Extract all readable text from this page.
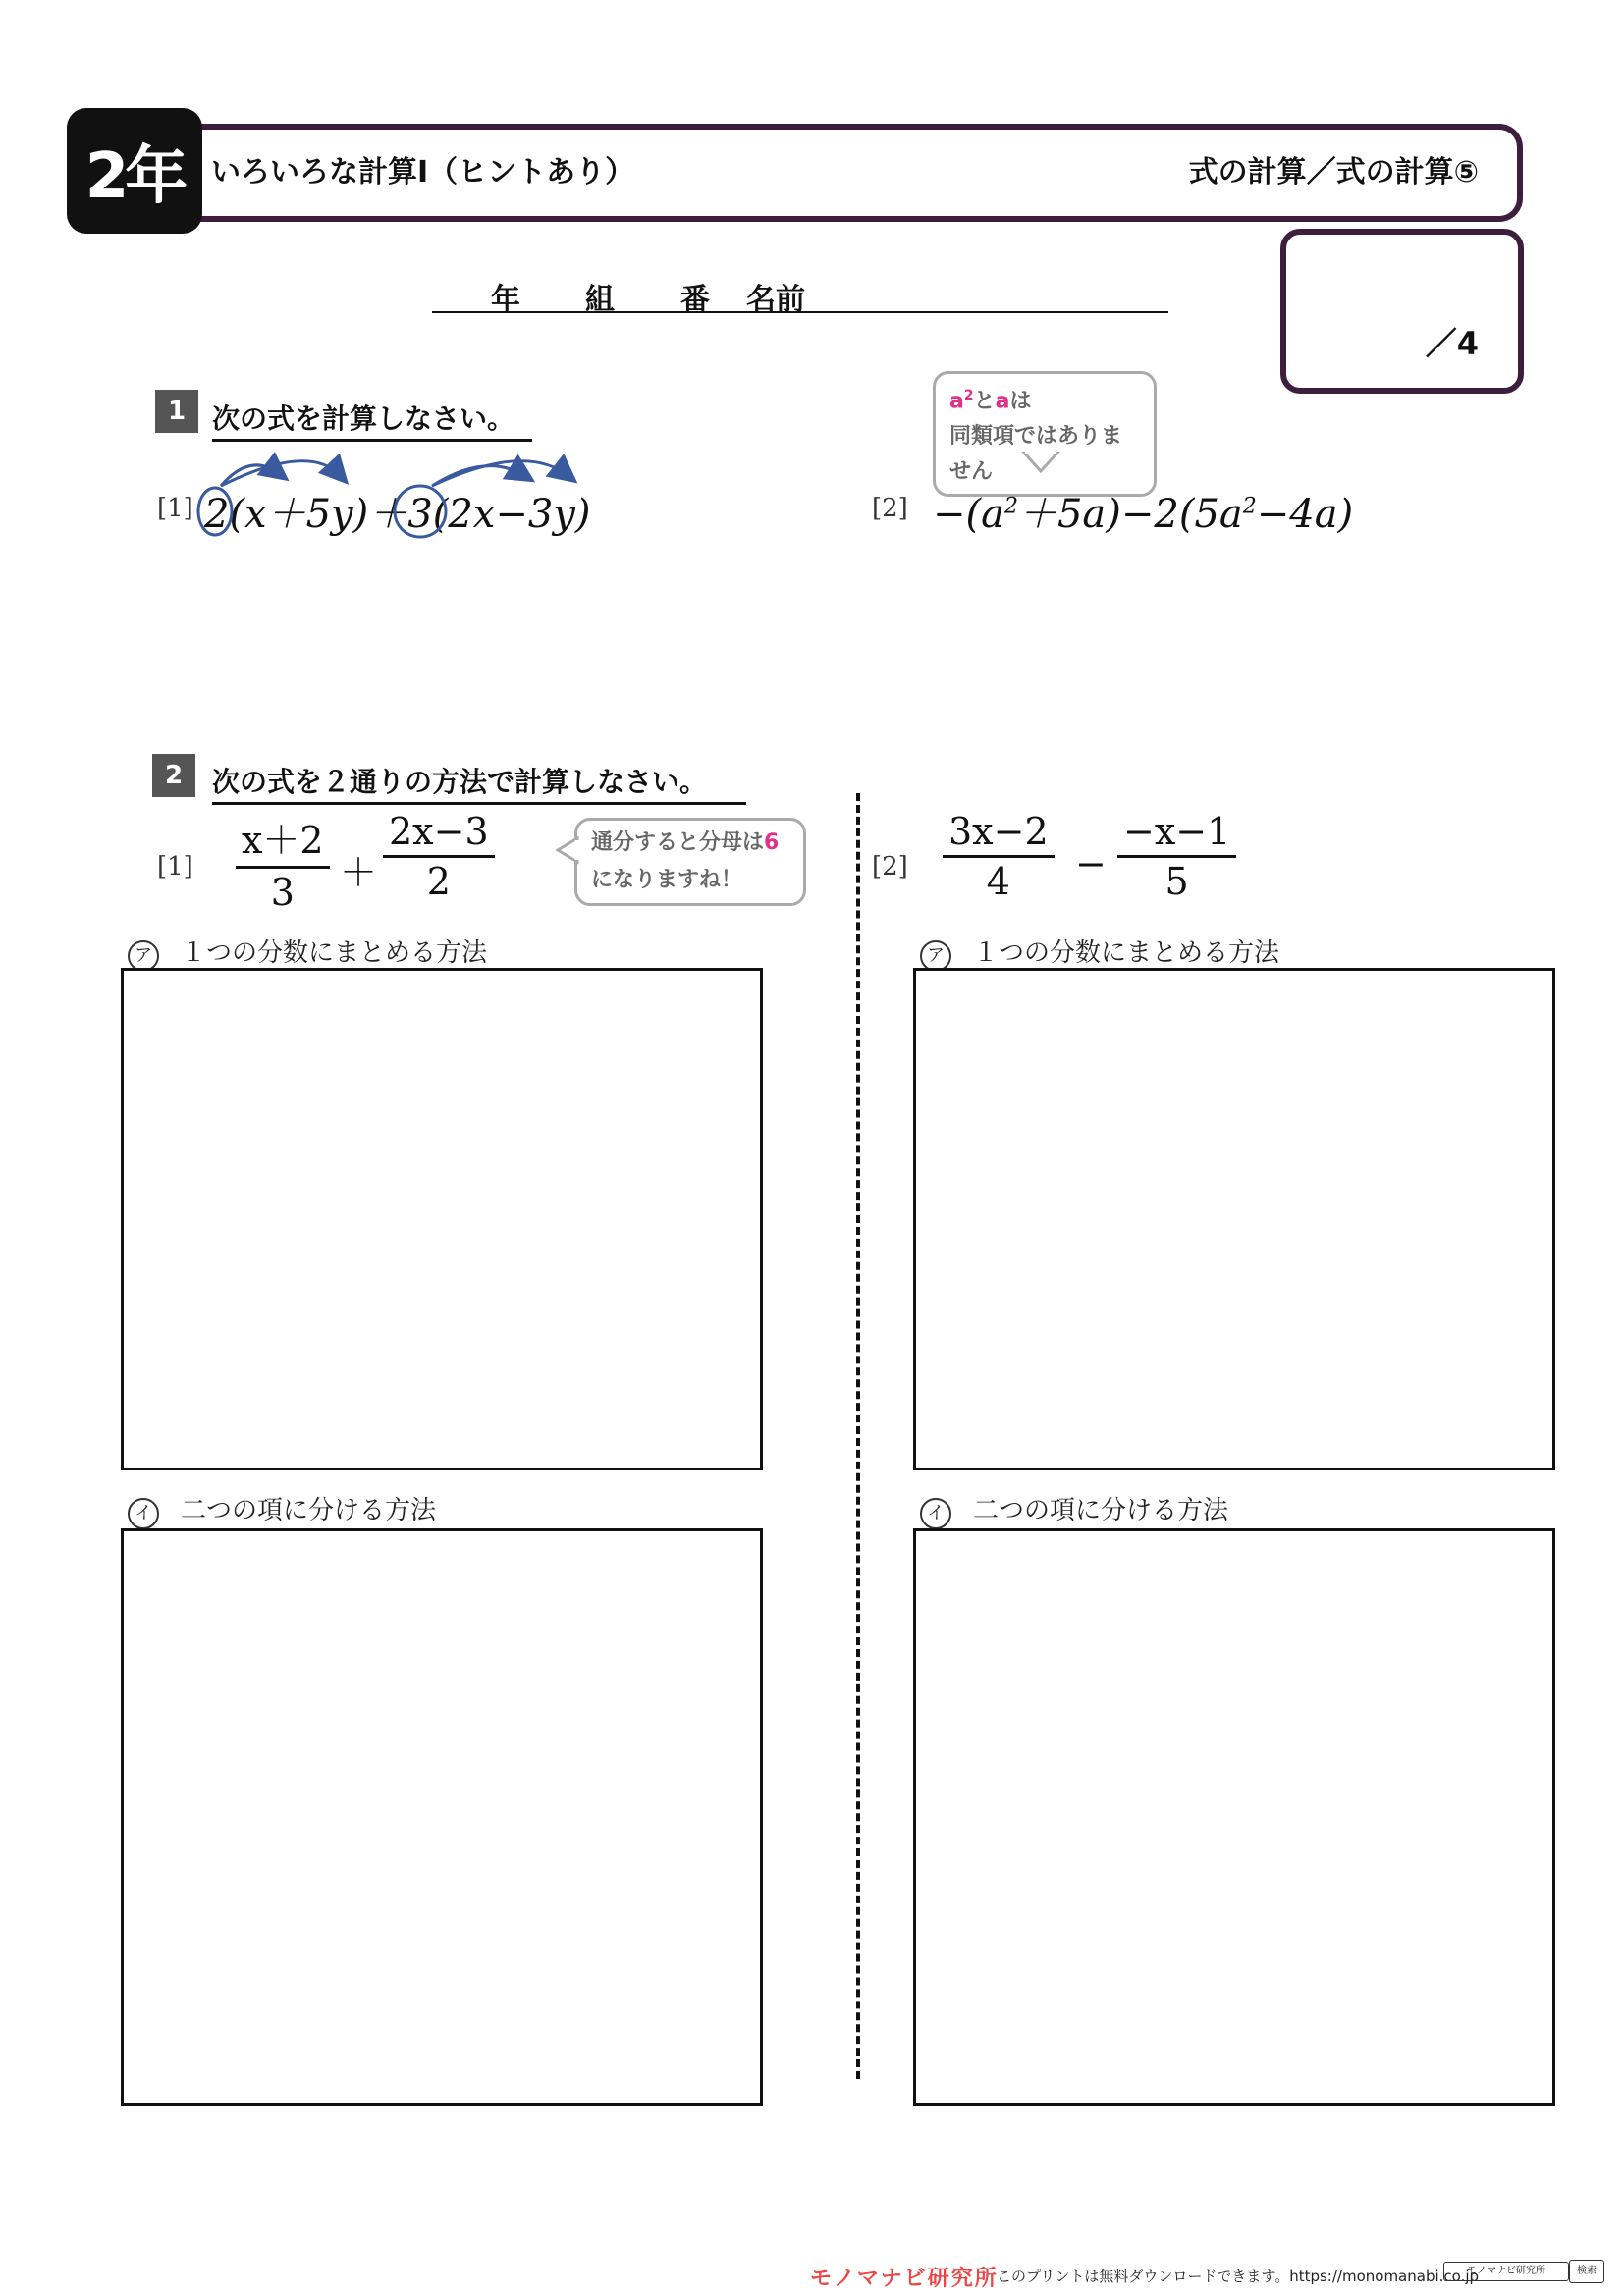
2年 いろいろな計算Ⅰ（ヒントあり）	式の計算／式の計算⑤
／4
年 組 番 名前
1 次の式を計算しなさい。
$a^2$とaは
同類項ではありません
[1] 2(x＋5y)＋3(2x−3y)	$[2] -(a^2+5a)-2(5a^2-4a)$
2	次の式を２通りの方法で計算しなさい。
[1]
x＋2
3	＋
2x−3
2
通分すると分母は6
になりますね！	[2]
3x−2
4	−
−x−1
5
ア １つの分数にまとめる方法
イ 二つの項に分ける方法
ア １つの分数にまとめる方法
イ 二つの項に分ける方法
モノマナビ研究所
このプリントは無料ダウンロードできます。https://monomanabi.co.jp
モノマナビ研究所	検索
